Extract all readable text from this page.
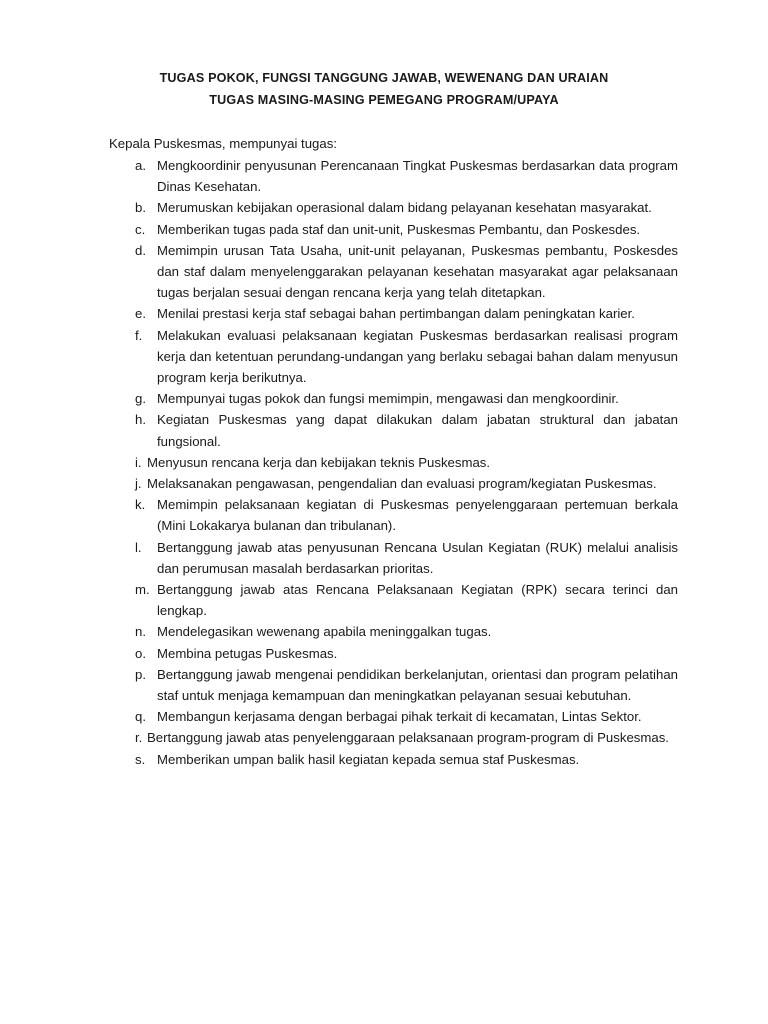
TUGAS POKOK, FUNGSI TANGGUNG JAWAB, WEWENANG DAN URAIAN
TUGAS MASING-MASING PEMEGANG PROGRAM/UPAYA
Kepala Puskesmas, mempunyai tugas:
a. Mengkoordinir penyusunan Perencanaan Tingkat Puskesmas berdasarkan data program Dinas Kesehatan.
b. Merumuskan kebijakan operasional dalam bidang pelayanan kesehatan masyarakat.
c. Memberikan tugas pada staf dan unit-unit, Puskesmas Pembantu, dan Poskesdes.
d. Memimpin urusan Tata Usaha, unit-unit pelayanan, Puskesmas pembantu, Poskesdes dan staf dalam menyelenggarakan pelayanan kesehatan masyarakat agar pelaksanaan tugas berjalan sesuai dengan rencana kerja yang telah ditetapkan.
e. Menilai prestasi kerja staf sebagai bahan pertimbangan dalam peningkatan karier.
f. Melakukan evaluasi pelaksanaan kegiatan Puskesmas berdasarkan realisasi program kerja dan ketentuan perundang-undangan yang berlaku sebagai bahan dalam menyusun program kerja berikutnya.
g. Mempunyai tugas pokok dan fungsi memimpin, mengawasi dan mengkoordinir.
h. Kegiatan Puskesmas yang dapat dilakukan dalam jabatan struktural dan jabatan fungsional.
i. Menyusun rencana kerja dan kebijakan teknis Puskesmas.
j. Melaksanakan pengawasan, pengendalian dan evaluasi program/kegiatan Puskesmas.
k. Memimpin pelaksanaan kegiatan di Puskesmas penyelenggaraan pertemuan berkala (Mini Lokakarya bulanan dan tribulanan).
l. Bertanggung jawab atas penyusunan Rencana Usulan Kegiatan (RUK) melalui analisis dan perumusan masalah berdasarkan prioritas.
m. Bertanggung jawab atas Rencana Pelaksanaan Kegiatan (RPK) secara terinci dan lengkap.
n. Mendelegasikan wewenang apabila meninggalkan tugas.
o. Membina petugas Puskesmas.
p. Bertanggung jawab mengenai pendidikan berkelanjutan, orientasi dan program pelatihan staf untuk menjaga kemampuan dan meningkatkan pelayanan sesuai kebutuhan.
q. Membangun kerjasama dengan berbagai pihak terkait di kecamatan, Lintas Sektor.
r. Bertanggung jawab atas penyelenggaraan pelaksanaan program-program di Puskesmas.
s. Memberikan umpan balik hasil kegiatan kepada semua staf Puskesmas.
